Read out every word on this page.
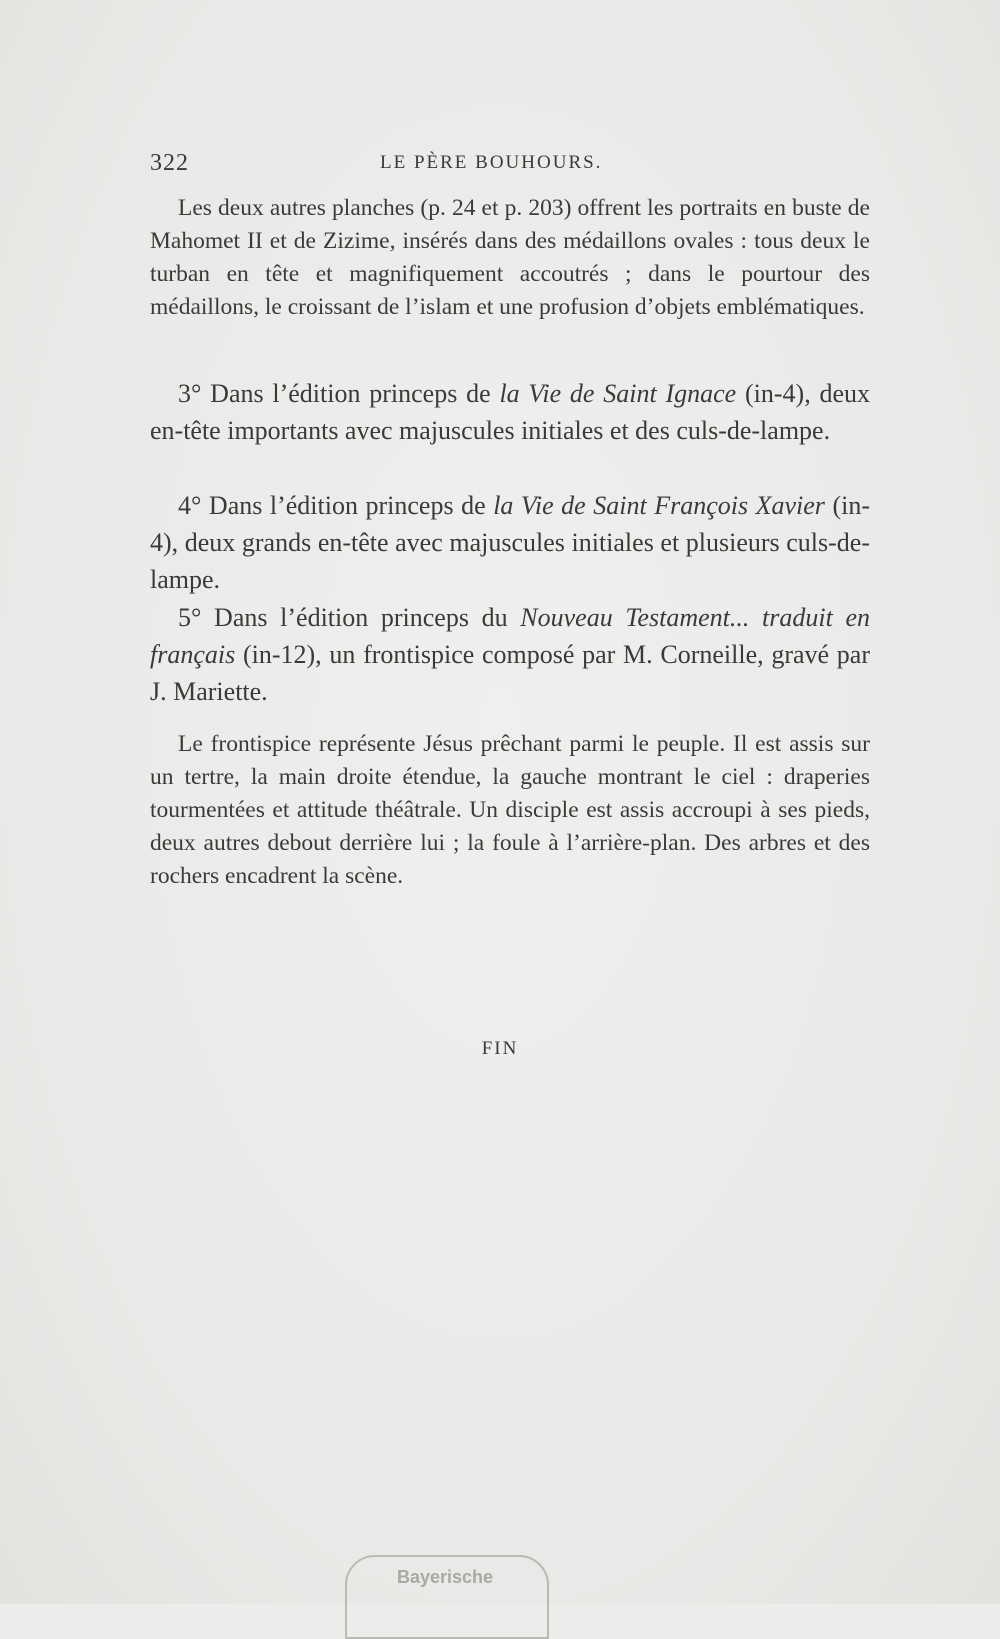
322	LE PÈRE BOUHOURS.

Les deux autres planches (p. 24 et p. 203) offrent les portraits en buste de Mahomet II et de Zizime, insérés dans des médaillons ovales : tous deux le turban en tête et magnifiquement accoutrés ; dans le pourtour des médaillons, le croissant de l’islam et une profusion d’objets emblématiques.

3° Dans l’édition princeps de la Vie de Saint Ignace (in-4), deux en-tête importants avec majuscules initiales et des culs-de-lampe.

4° Dans l’édition princeps de la Vie de Saint François Xavier (in-4), deux grands en-tête avec majuscules initiales et plusieurs culs-de-lampe.

5° Dans l’édition princeps du Nouveau Testament... traduit en français (in-12), un frontispice composé par M. Corneille, gravé par J. Mariette.

Le frontispice représente Jésus prêchant parmi le peuple. Il est assis sur un tertre, la main droite étendue, la gauche montrant le ciel : draperies tourmentées et attitude théâtrale. Un disciple est assis accroupi à ses pieds, deux autres debout derrière lui ; la foule à l’arrière-plan. Des arbres et des rochers encadrent la scène.

FIN
Bayerische
